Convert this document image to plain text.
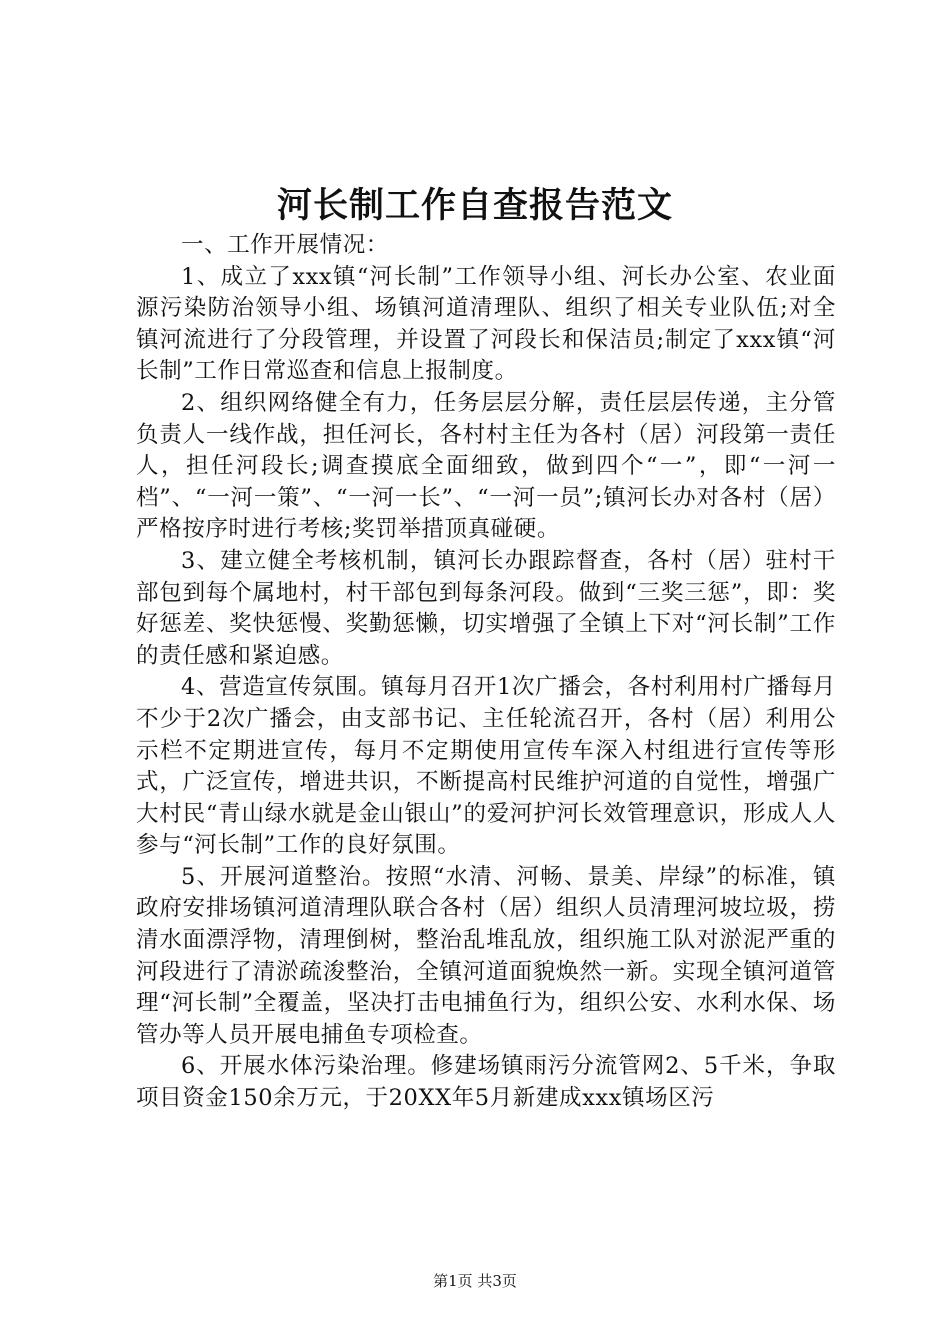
河长制工作自查报告范文

一、工作开展情况：

1、成立了xxx镇“河长制”工作领导小组、河长办公室、农业面源污染防治领导小组、场镇河道清理队、组织了相关专业队伍;对全镇河流进行了分段管理，并设置了河段长和保洁员;制定了xxx镇“河长制”工作日常巡查和信息上报制度。

2、组织网络健全有力，任务层层分解，责任层层传递，主分管负责人一线作战，担任河长，各村村主任为各村（居）河段第一责任人，担任河段长;调查摸底全面细致，做到四个“一”，即“一河一档”、“一河一策”、“一河一长”、“一河一员”;镇河长办对各村（居）严格按序时进行考核;奖罚举措顶真碰硬。

3、建立健全考核机制，镇河长办跟踪督查，各村（居）驻村干部包到每个属地村，村干部包到每条河段。做到“三奖三惩”，即：奖好惩差、奖快惩慢、奖勤惩懒，切实增强了全镇上下对“河长制”工作的责任感和紧迫感。

4、营造宣传氛围。镇每月召开1次广播会，各村利用村广播每月不少于2次广播会，由支部书记、主任轮流召开，各村（居）利用公示栏不定期进宣传，每月不定期使用宣传车深入村组进行宣传等形式，广泛宣传，增进共识，不断提高村民维护河道的自觉性，增强广大村民“青山绿水就是金山银山”的爱河护河长效管理意识，形成人人参与“河长制”工作的良好氛围。

5、开展河道整治。按照“水清、河畅、景美、岸绿”的标准，镇政府安排场镇河道清理队联合各村（居）组织人员清理河坡垃圾，捞清水面漂浮物，清理倒树，整治乱堆乱放，组织施工队对淤泥严重的河段进行了清淤疏浚整治，全镇河道面貌焕然一新。实现全镇河道管理“河长制”全覆盖，坚决打击电捕鱼行为，组织公安、水利水保、场管办等人员开展电捕鱼专项检查。

6、开展水体污染治理。修建场镇雨污分流管网2、5千米，争取项目资金150余万元，于20XX年5月新建成xxx镇场区污

第1页 共3页
